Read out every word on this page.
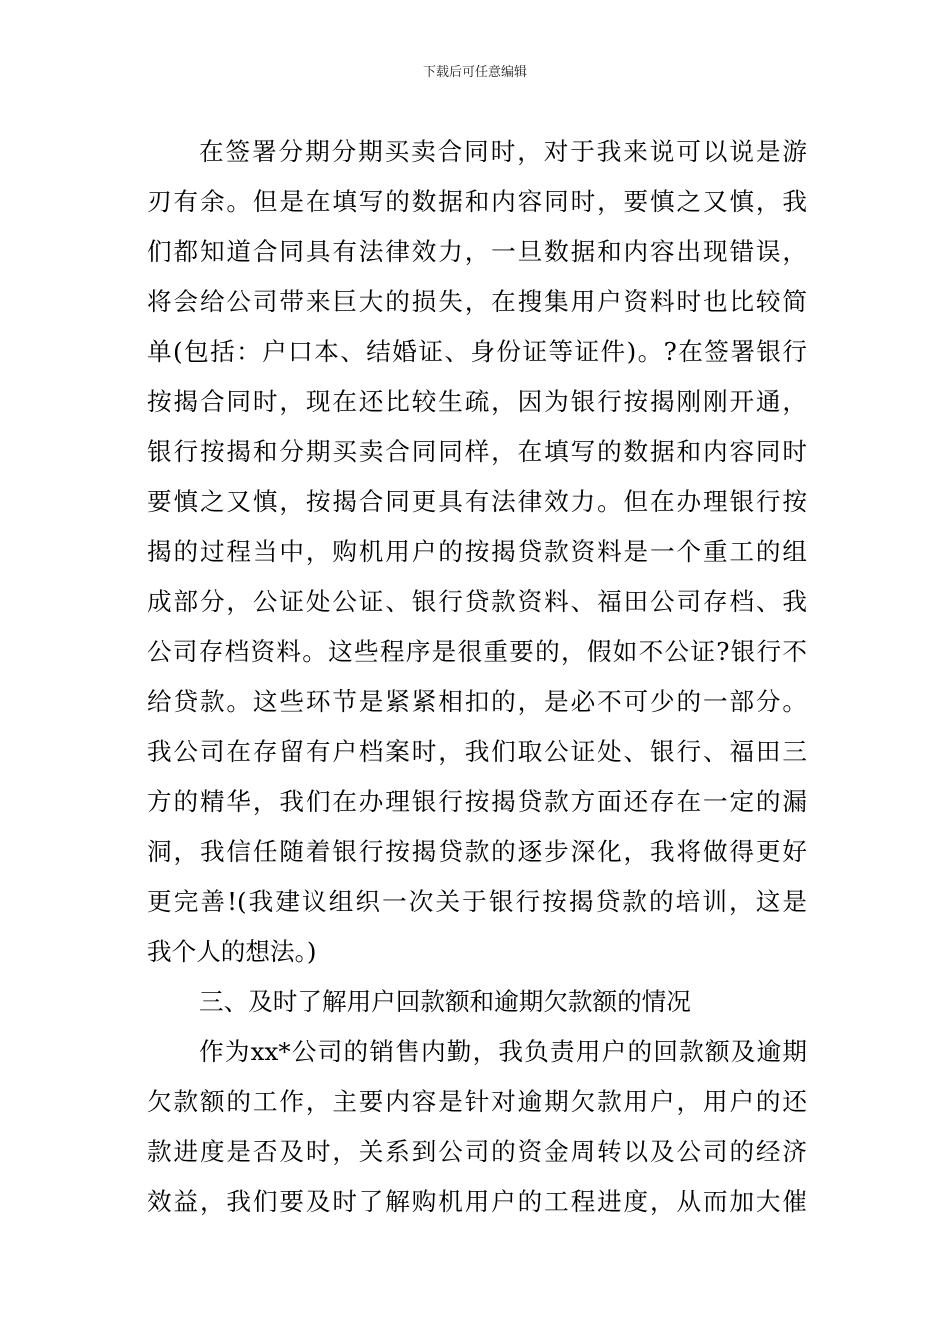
下载后可任意编辑
在签署分期分期买卖合同时，对于我来说可以说是游
刃有余。但是在填写的数据和内容同时，要慎之又慎，我
们都知道合同具有法律效力，一旦数据和内容出现错误，
将会给公司带来巨大的损失，在搜集用户资料时也比较简
单(包括：户口本、结婚证、身份证等证件)。?在签署银行
按揭合同时，现在还比较生疏，因为银行按揭刚刚开通，
银行按揭和分期买卖合同同样，在填写的数据和内容同时
要慎之又慎，按揭合同更具有法律效力。但在办理银行按
揭的过程当中，购机用户的按揭贷款资料是一个重工的组
成部分，公证处公证、银行贷款资料、福田公司存档、我
公司存档资料。这些程序是很重要的，假如不公证?银行不
给贷款。这些环节是紧紧相扣的，是必不可少的一部分。
我公司在存留有户档案时，我们取公证处、银行、福田三
方的精华，我们在办理银行按揭贷款方面还存在一定的漏
洞，我信任随着银行按揭贷款的逐步深化，我将做得更好
更完善!(我建议组织一次关于银行按揭贷款的培训，这是
我个人的想法。)
三、及时了解用户回款额和逾期欠款额的情况
作为xx*公司的销售内勤，我负责用户的回款额及逾期
欠款额的工作，主要内容是针对逾期欠款用户，用户的还
款进度是否及时，关系到公司的资金周转以及公司的经济
效益，我们要及时了解购机用户的工程进度，从而加大催
